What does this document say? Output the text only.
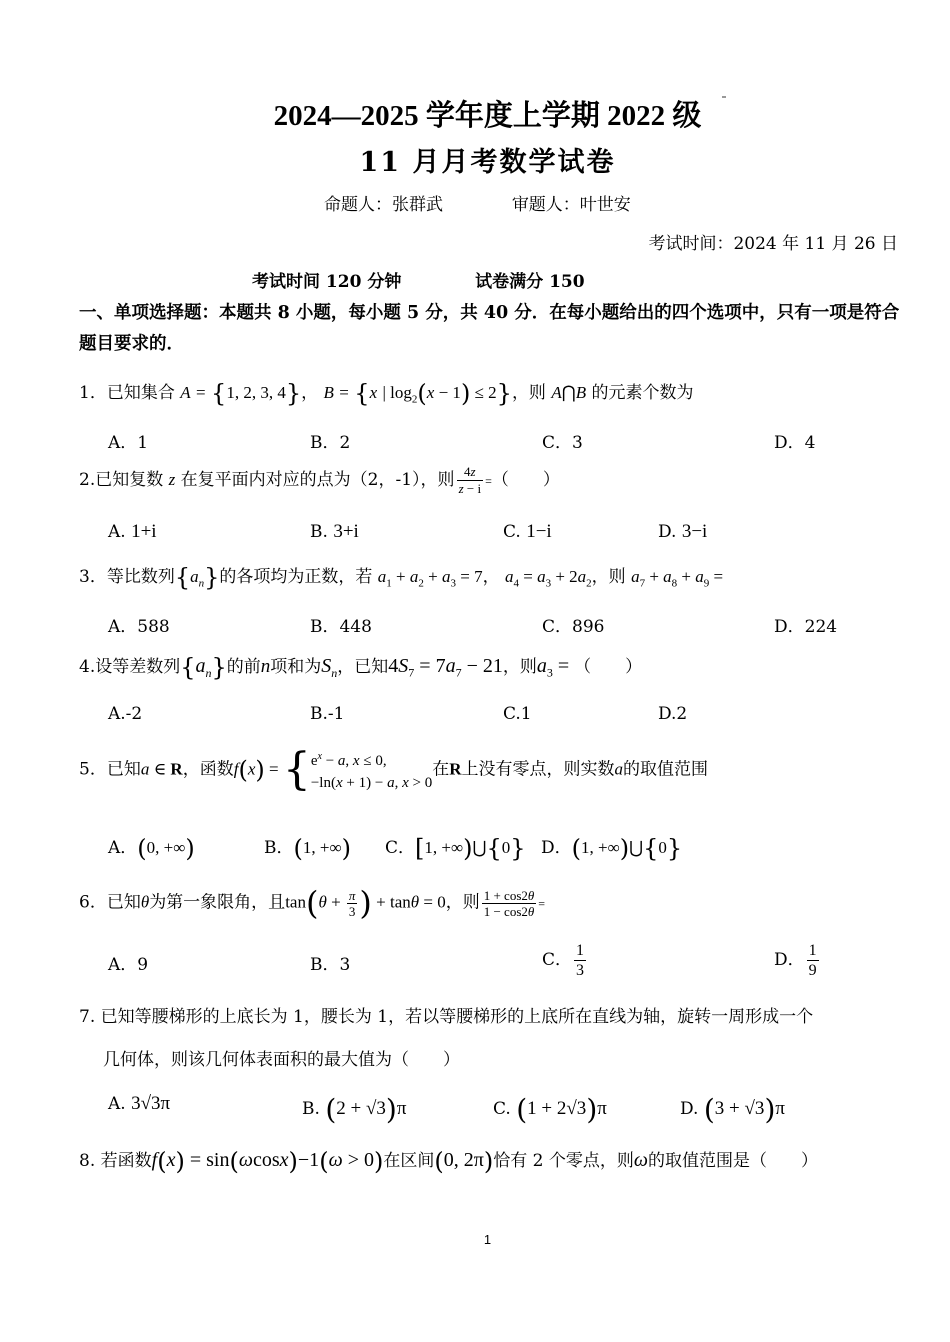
2024—2025 学年度上学期 2022 级
11 月月考数学试卷
命题人：张群武	审题人：叶世安
考试时间：2024 年 11 月 26 日
考试时间 120 分钟	试卷满分 150
一、单项选择题：本题共 8 小题，每小题 5 分，共 40 分．在每小题给出的四个选项中，只有一项是符合题目要求的．
1．已知集合 A = {1, 2, 3, 4}， B = {x | $\log_2(x - 1) \le 2$}，则 A⋂B 的元素个数为
A．1	B．2	C．3	D．4
2.已知复数 z 在复平面内对应的点为（2，-1），则 $\frac{4z}{z - i}$ =（　　）
A. 1+i	B. 3+i	C. 1−i	D. 3−i
3．等比数列$\{a_n\}$的各项均为正数，若 $a_1 + a_2 + a_3 = 7$， $a_4 = a_3 + 2a_2$，则 $a_7 + a_8 + a_9$ =
A．588	B．448	C．896	D．224
4.设等差数列$\{a_n\}$的前n项和为$S_n$，已知$4S_7 = 7a_7 - 21$，则$a_3$ = （　　）
A.-2	B.-1	C.1	D.2
5．已知a ∈ R，函数$f(x) = \{e^x - a$, x ≤ 0,
−ln(x + 1) − a, x > 0在R上没有零点，则实数a的取值范围
A．(0, +∞)	B．(1, +∞) C．[1, +∞)⋃{0} D．(1, +∞)⋃{0}
6．已知θ为第一象限角，且$\tan(\theta + \frac{\pi}{3}$ ) + tanθ = 0，则 $\frac{1 + \cos 2\theta}{1 - \cos 2\theta}$ =
A．9	B．3	C． $\frac{1}{3}$	D． $\frac{1}{9}$
7. 已知等腰梯形的上底长为 1，腰长为 1，若以等腰梯形的上底所在直线为轴，旋转一周形成一个
几何体，则该几何体表面积的最大值为（　　）
A. 3√3π	B. (2 + √3)π	C. (1 + 2√3)π	D. (3 + √3)π
8. 若函数f(x) = sin(ωcosx)−1(ω > 0)在区间(0, 2π)恰有 2 个零点，则ω的取值范围是（　　）
1
